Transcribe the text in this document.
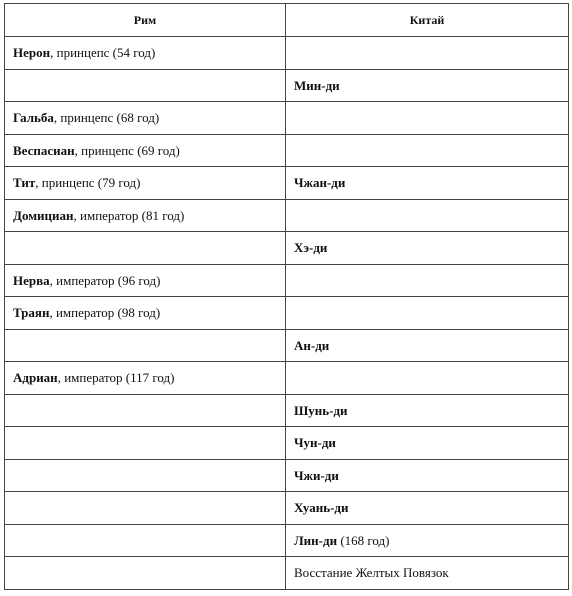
Рим	Китай
Нерон, принцепс (54 год)	
	Мин-ди
Гальба, принцепс (68 год)	
Веспасиан, принцепс (69 год)	
Тит, принцепс (79 год)	Чжан-ди
Домициан, император (81 год)	
	Хэ-ди
Нерва, император (96 год)	
Траян, император (98 год)	
	Ан-ди
Адриан, император (117 год)	
	Шунь-ди
	Чун-ди
	Чжи-ди
	Хуань-ди
	Лин-ди (168 год)
	Восстание Желтых Повязок
